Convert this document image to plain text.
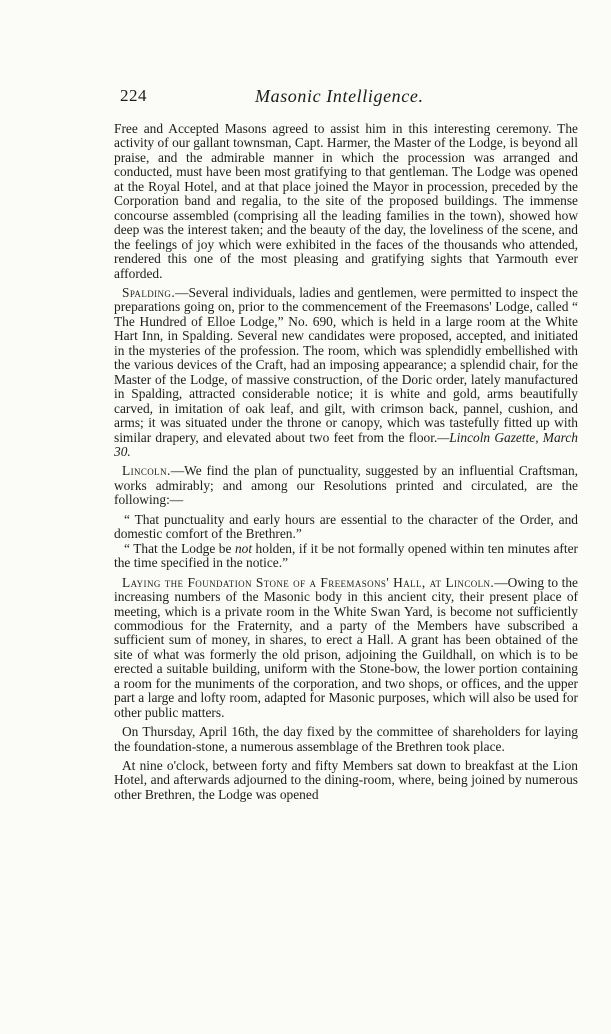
224	Masonic Intelligence.

Free and Accepted Masons agreed to assist him in this interesting ceremony. The activity of our gallant townsman, Capt. Harmer, the Master of the Lodge, is beyond all praise, and the admirable manner in which the procession was arranged and conducted, must have been most gratifying to that gentleman. The Lodge was opened at the Royal Hotel, and at that place joined the Mayor in procession, preceded by the Corporation band and regalia, to the site of the proposed buildings. The immense concourse assembled (comprising all the leading families in the town), showed how deep was the interest taken; and the beauty of the day, the loveliness of the scene, and the feelings of joy which were exhibited in the faces of the thousands who attended, rendered this one of the most pleasing and gratifying sights that Yarmouth ever afforded.

Spalding.—Several individuals, ladies and gentlemen, were permitted to inspect the preparations going on, prior to the commencement of the Freemasons' Lodge, called “ The Hundred of Elloe Lodge,” No. 690, which is held in a large room at the White Hart Inn, in Spalding. Several new candidates were proposed, accepted, and initiated in the mysteries of the profession. The room, which was splendidly embellished with the various devices of the Craft, had an imposing appearance; a splendid chair, for the Master of the Lodge, of massive construction, of the Doric order, lately manufactured in Spalding, attracted considerable notice; it is white and gold, arms beautifully carved, in imitation of oak leaf, and gilt, with crimson back, pannel, cushion, and arms; it was situated under the throne or canopy, which was tastefully fitted up with similar drapery, and elevated about two feet from the floor.—Lincoln Gazette, March 30.

Lincoln.—We find the plan of punctuality, suggested by an influential Craftsman, works admirably; and among our Resolutions printed and circulated, are the following:—

“ That punctuality and early hours are essential to the character of the Order, and domestic comfort of the Brethren.”

“ That the Lodge be not holden, if it be not formally opened within ten minutes after the time specified in the notice.”

Laying the Foundation Stone of a Freemasons' Hall, at Lincoln.—Owing to the increasing numbers of the Masonic body in this ancient city, their present place of meeting, which is a private room in the White Swan Yard, is become not sufficiently commodious for the Fraternity, and a party of the Members have subscribed a sufficient sum of money, in shares, to erect a Hall. A grant has been obtained of the site of what was formerly the old prison, adjoining the Guildhall, on which is to be erected a suitable building, uniform with the Stone-bow, the lower portion containing a room for the muniments of the corporation, and two shops, or offices, and the upper part a large and lofty room, adapted for Masonic purposes, which will also be used for other public matters.

On Thursday, April 16th, the day fixed by the committee of shareholders for laying the foundation-stone, a numerous assemblage of the Brethren took place.

At nine o'clock, between forty and fifty Members sat down to breakfast at the Lion Hotel, and afterwards adjourned to the dining-room, where, being joined by numerous other Brethren, the Lodge was opened
